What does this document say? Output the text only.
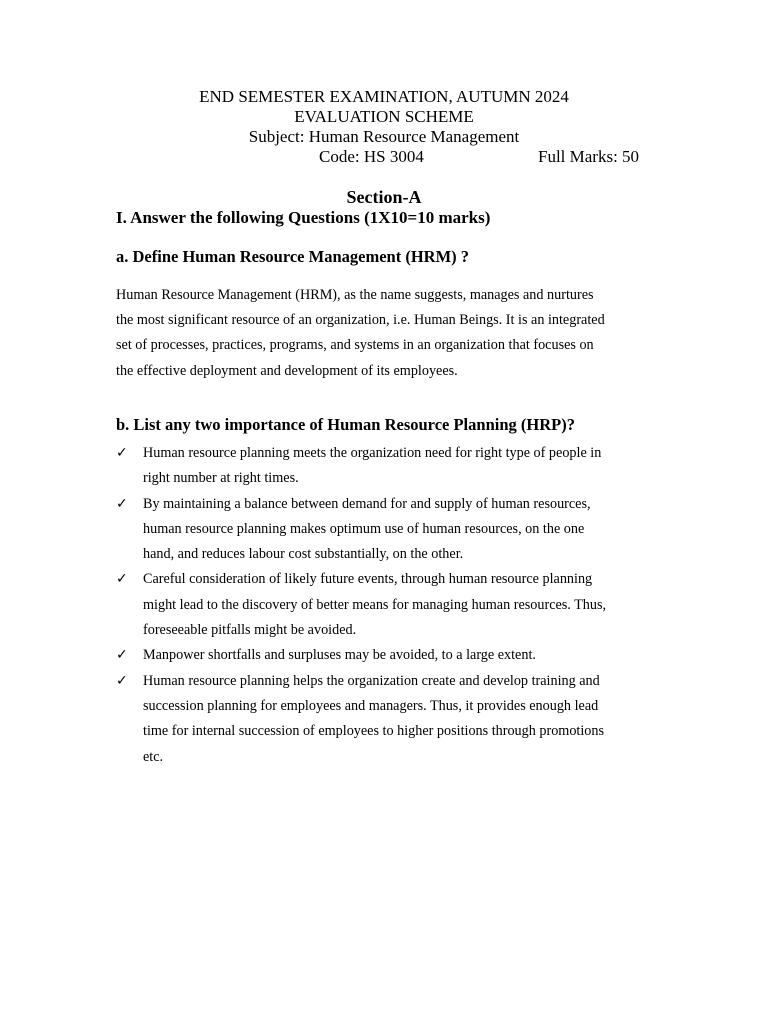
END SEMESTER EXAMINATION, AUTUMN 2024
EVALUATION SCHEME
Subject: Human Resource Management
Code: HS 3004	Full Marks: 50
Section-A
I. Answer the following Questions (1X10=10 marks)
a. Define Human Resource Management (HRM) ?
Human Resource Management (HRM), as the name suggests, manages and nurtures
the most significant resource of an organization, i.e. Human Beings. It is an integrated
set of processes, practices, programs, and systems in an organization that focuses on
the effective deployment and development of its employees.
b. List any two importance of Human Resource Planning (HRP)?
✓ Human resource planning meets the organization need for right type of people in
right number at right times.
✓ By maintaining a balance between demand for and supply of human resources,
human resource planning makes optimum use of human resources, on the one
hand, and reduces labour cost substantially, on the other.
✓ Careful consideration of likely future events, through human resource planning
might lead to the discovery of better means for managing human resources. Thus,
foreseeable pitfalls might be avoided.
✓ Manpower shortfalls and surpluses may be avoided, to a large extent.
✓ Human resource planning helps the organization create and develop training and
succession planning for employees and managers. Thus, it provides enough lead
time for internal succession of employees to higher positions through promotions
etc.
